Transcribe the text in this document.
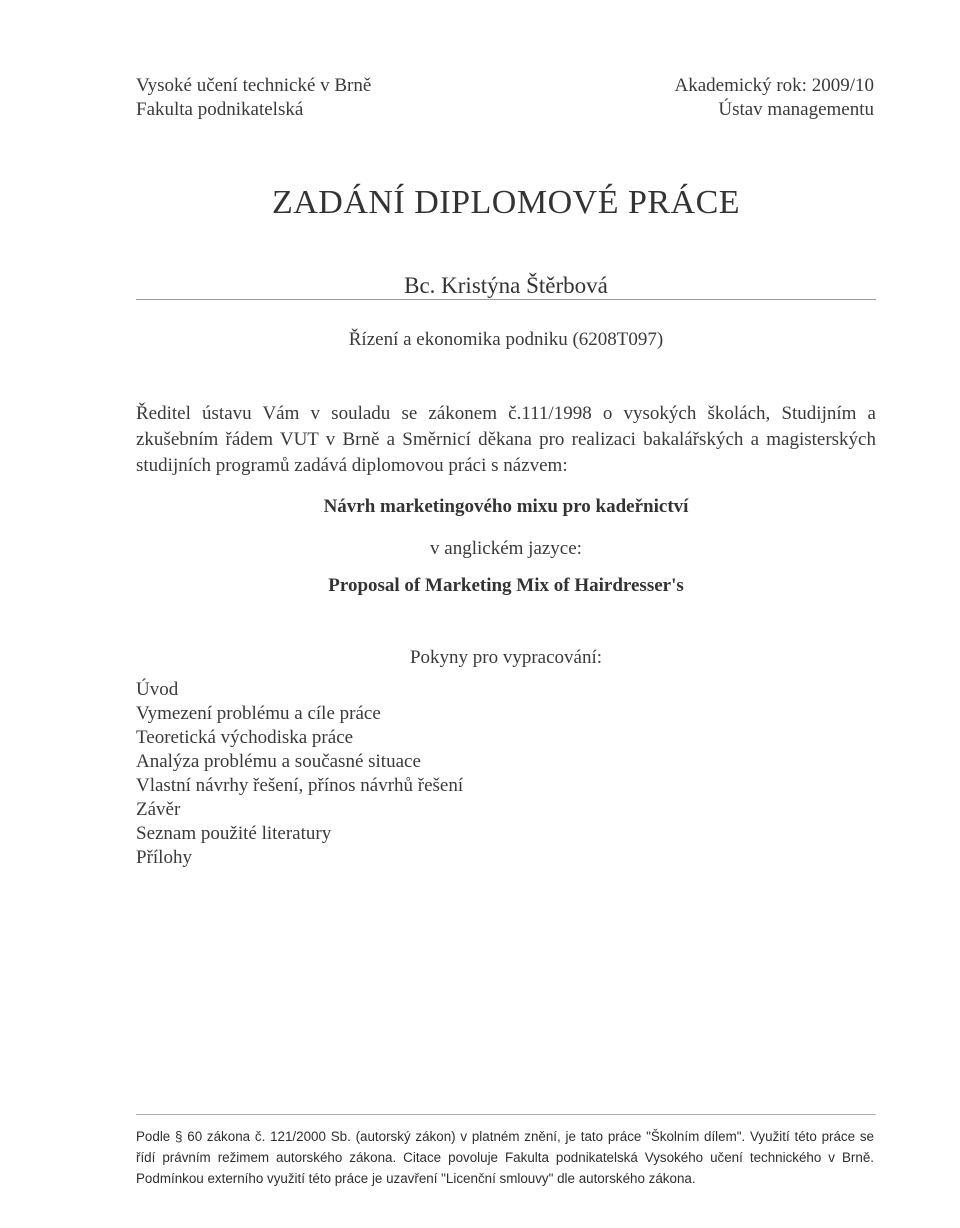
Vysoké učení technické v Brně
Fakulta podnikatelská
Akademický rok: 2009/10
Ústav managementu
ZADÁNÍ DIPLOMOVÉ PRÁCE
Bc. Kristýna Štěrbová
Řízení a ekonomika podniku (6208T097)
Ředitel ústavu Vám v souladu se zákonem č.111/1998 o vysokých školách, Studijním a zkušebním řádem VUT v Brně a Směrnicí děkana pro realizaci bakalářských a magisterských studijních programů zadává diplomovou práci s názvem:
Návrh marketingového mixu pro kadeřnictví
v anglickém jazyce:
Proposal of Marketing Mix of Hairdresser's
Pokyny pro vypracování:
Úvod
Vymezení problému a cíle práce
Teoretická východiska práce
Analýza problému a současné situace
Vlastní návrhy řešení, přínos návrhů řešení
Závěr
Seznam použité literatury
Přílohy
Podle § 60 zákona č. 121/2000 Sb. (autorský zákon) v platném znění, je tato práce "Školním dílem". Využití této práce se řídí právním režimem autorského zákona. Citace povoluje Fakulta podnikatelská Vysokého učení technického v Brně. Podmínkou externího využití této práce je uzavření "Licenční smlouvy" dle autorského zákona.
